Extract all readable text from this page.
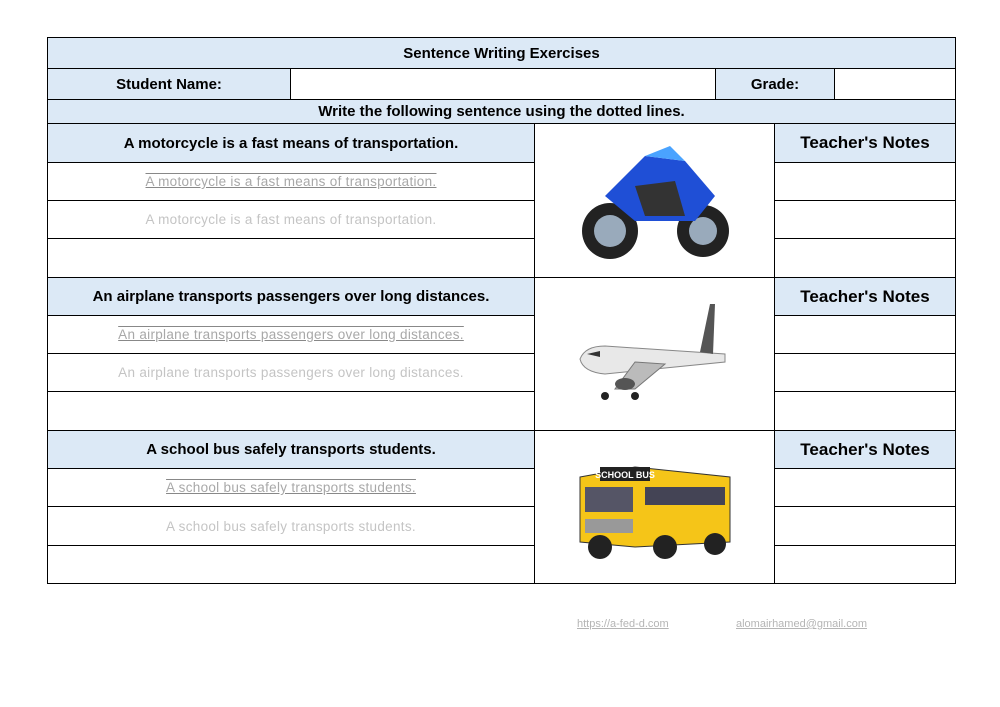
Sentence Writing Exercises
Student Name:	Grade:
Write the following sentence using the dotted lines.
A motorcycle is a fast means of transportation.
A motorcycle is a fast means of transportation.
A motorcycle is a fast means of transportation.
Teacher's Notes
An airplane transports passengers over long distances.
An airplane transports passengers over long distances.
An airplane transports passengers over long distances.
Teacher's Notes
A school bus safely transports students.
A school bus safely transports students.
A school bus safely transports students.
SCHOOL BUS
Teacher's Notes
https://a-fed-d.com	alomairhamed@gmail.com
